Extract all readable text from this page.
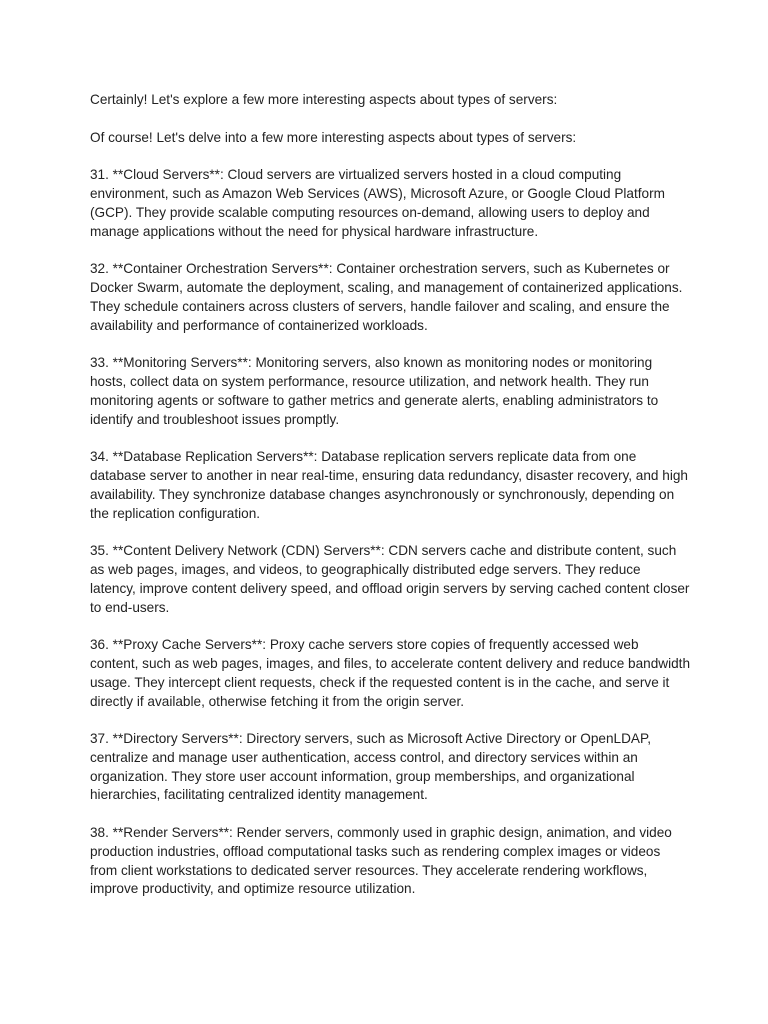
Certainly! Let's explore a few more interesting aspects about types of servers:

Of course! Let's delve into a few more interesting aspects about types of servers:

31. **Cloud Servers**: Cloud servers are virtualized servers hosted in a cloud computing environment, such as Amazon Web Services (AWS), Microsoft Azure, or Google Cloud Platform (GCP). They provide scalable computing resources on-demand, allowing users to deploy and manage applications without the need for physical hardware infrastructure.

32. **Container Orchestration Servers**: Container orchestration servers, such as Kubernetes or Docker Swarm, automate the deployment, scaling, and management of containerized applications. They schedule containers across clusters of servers, handle failover and scaling, and ensure the availability and performance of containerized workloads.

33. **Monitoring Servers**: Monitoring servers, also known as monitoring nodes or monitoring hosts, collect data on system performance, resource utilization, and network health. They run monitoring agents or software to gather metrics and generate alerts, enabling administrators to identify and troubleshoot issues promptly.

34. **Database Replication Servers**: Database replication servers replicate data from one database server to another in near real-time, ensuring data redundancy, disaster recovery, and high availability. They synchronize database changes asynchronously or synchronously, depending on the replication configuration.

35. **Content Delivery Network (CDN) Servers**: CDN servers cache and distribute content, such as web pages, images, and videos, to geographically distributed edge servers. They reduce latency, improve content delivery speed, and offload origin servers by serving cached content closer to end-users.

36. **Proxy Cache Servers**: Proxy cache servers store copies of frequently accessed web content, such as web pages, images, and files, to accelerate content delivery and reduce bandwidth usage. They intercept client requests, check if the requested content is in the cache, and serve it directly if available, otherwise fetching it from the origin server.

37. **Directory Servers**: Directory servers, such as Microsoft Active Directory or OpenLDAP, centralize and manage user authentication, access control, and directory services within an organization. They store user account information, group memberships, and organizational hierarchies, facilitating centralized identity management.

38. **Render Servers**: Render servers, commonly used in graphic design, animation, and video production industries, offload computational tasks such as rendering complex images or videos from client workstations to dedicated server resources. They accelerate rendering workflows, improve productivity, and optimize resource utilization.
